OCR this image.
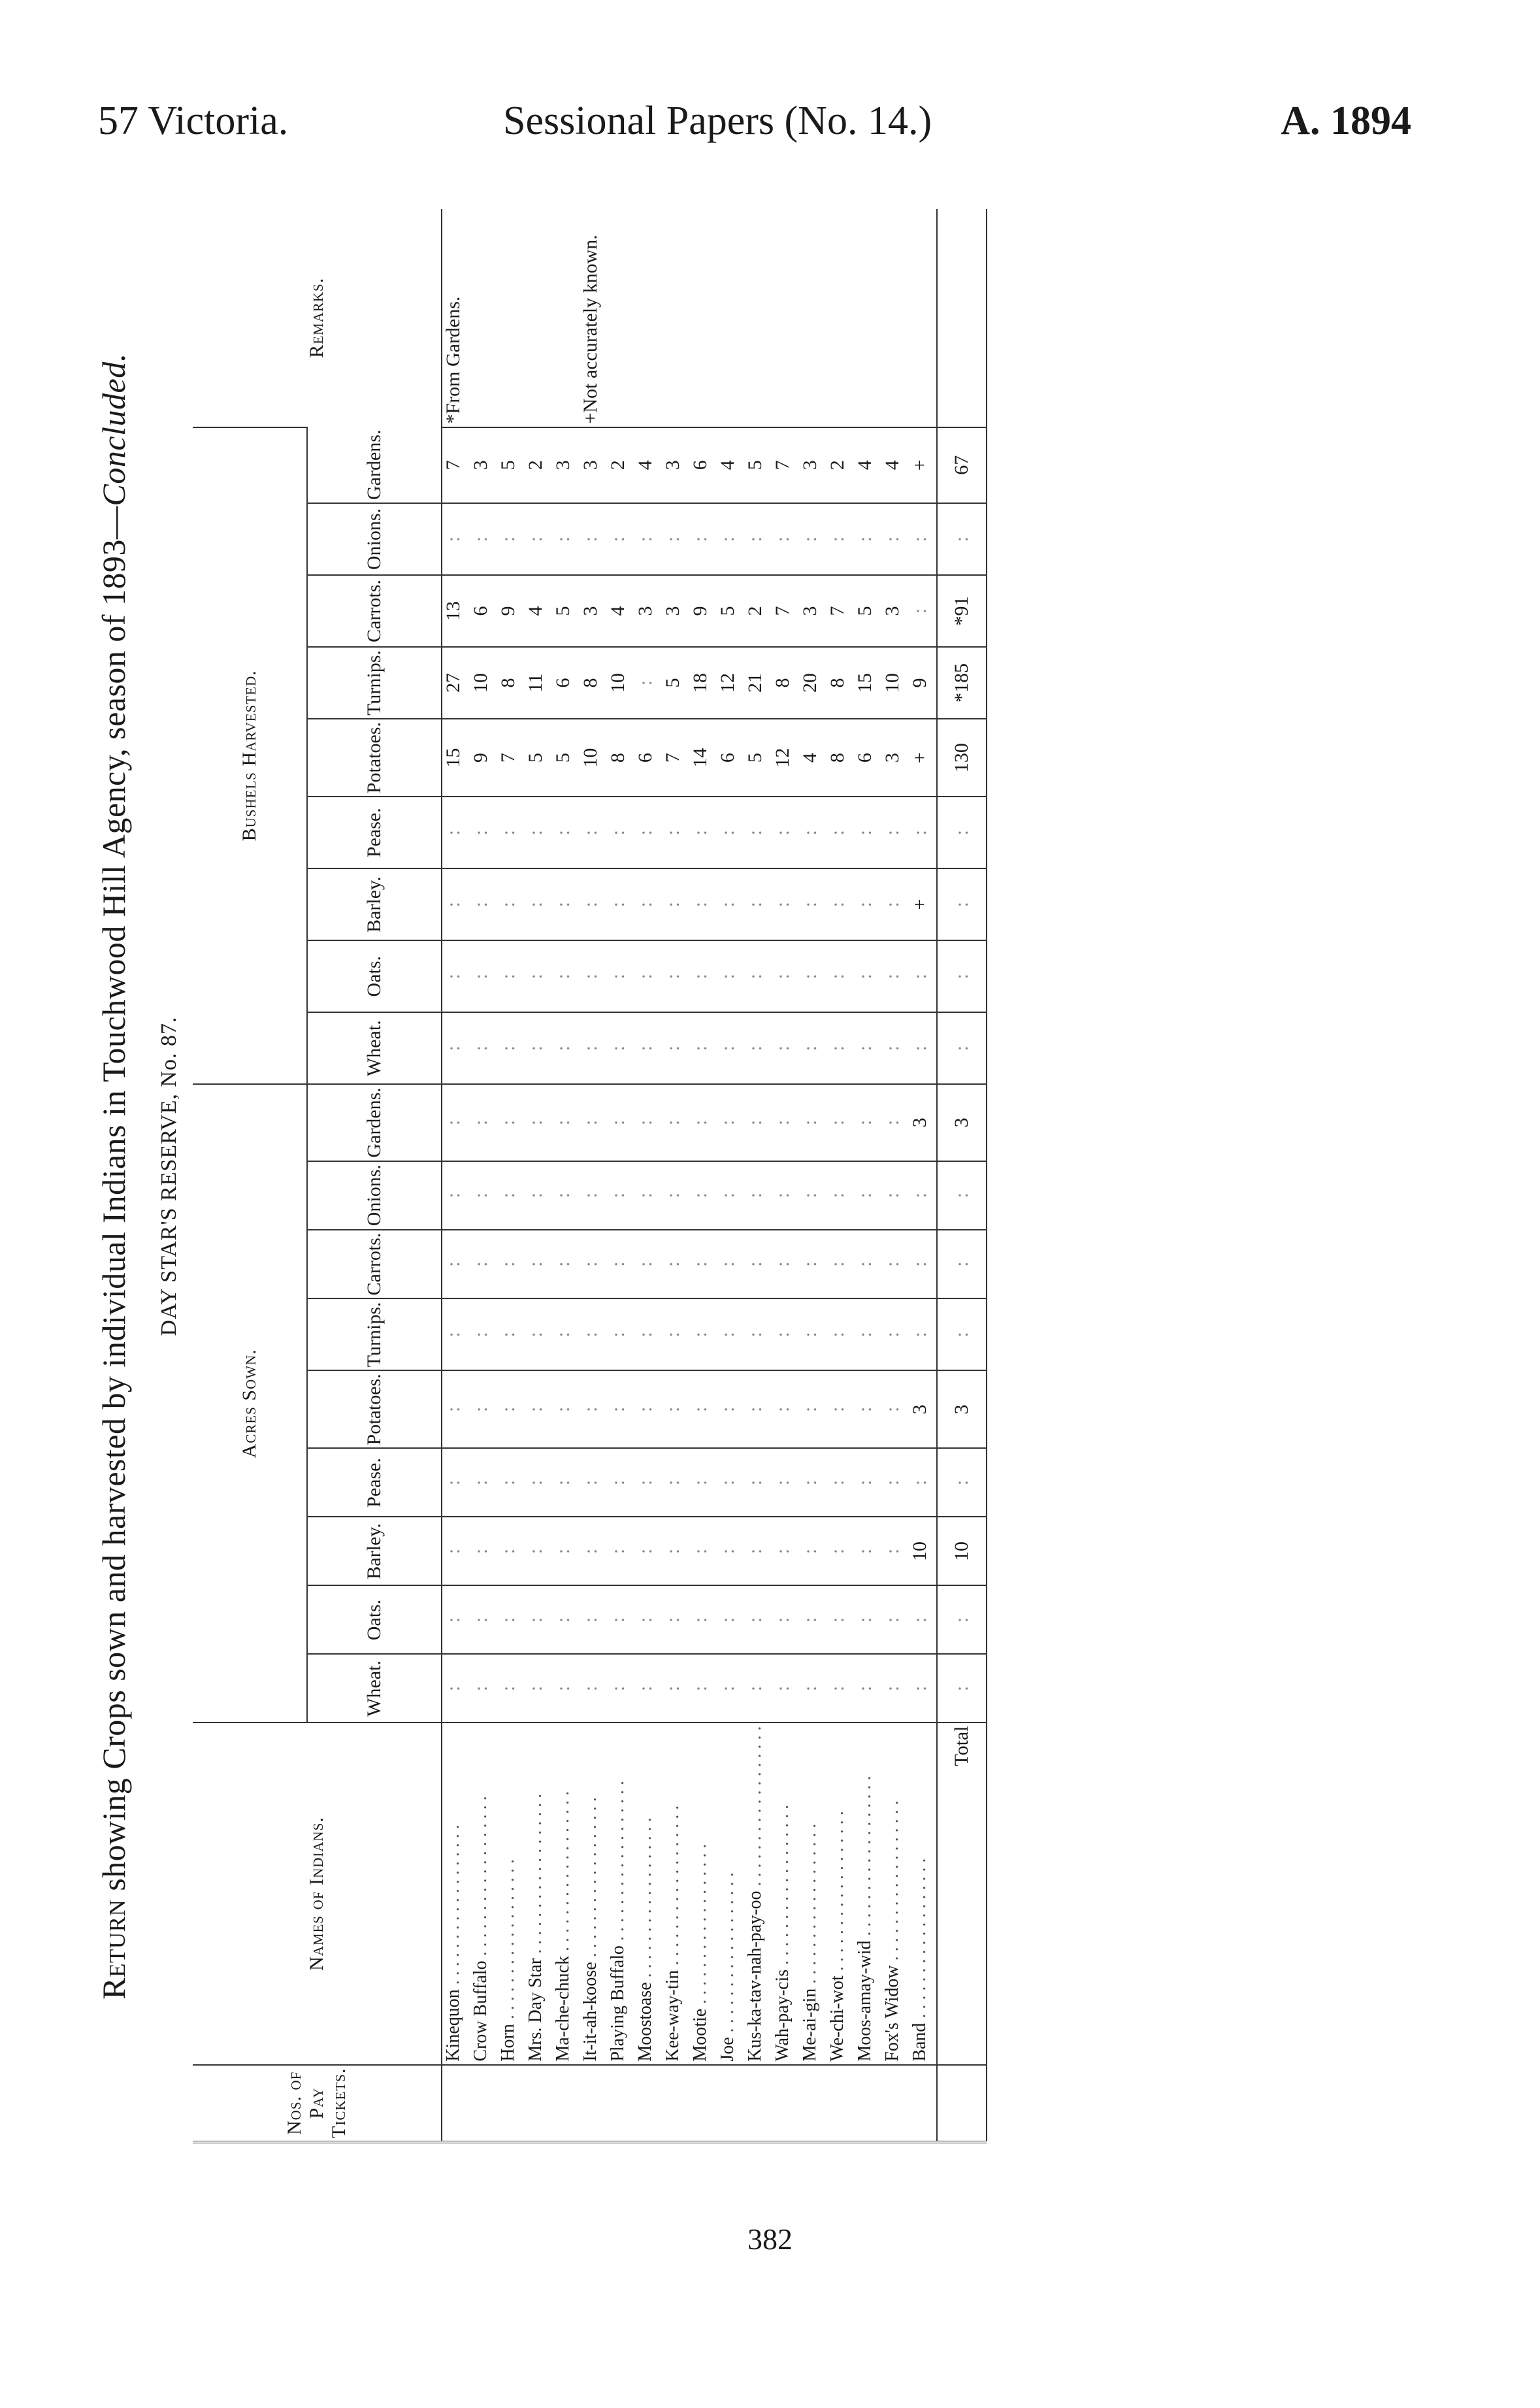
57 Victoria.	Sessional Papers (No. 14.)	A. 1894
Return showing Crops sown and harvested by individual Indians in Touchwood Hill Agency, season of 1893—Concluded.
DAY STAR'S RESERVE, No. 87.
Nos. of Pay Tickets.	Names of Indians.	Acres Sown.									Bushels Harvested.									Remarks.
		Wheat.	Oats.	Barley.	Pease.	Potatoes.	Turnips.	Carrots.	Onions.	Gardens.	Wheat.	Oats.	Barley.	Pease.	Potatoes.	Turnips.	Carrots.	Onions.	Gardens.	
	Kinequon . . .	:	:	:	:	:	:	:	:	:	:	:	:	:	15	27	13	:	7	*From Gardens.
	Crow Buffalo . . .	:	:	:	:	:	:	:	:	:	:	:	:	:	9	10	6	:	3	
	Horn . . .	:	:	:	:	:	:	:	:	:	:	:	:	:	7	8	9	:	5	
	Mrs. Day Star . . .	:	:	:	:	:	:	:	:	:	:	:	:	:	5	11	4	:	2	
	Ma-che-chuck . . .	:	:	:	:	:	:	:	:	:	:	:	:	:	5	6	5	:	3	
	It-it-ah-koose . . .	:	:	:	:	:	:	:	:	:	:	:	:	:	10	8	3	:	3	+Not accurately known.
	Playing Buffalo . . .	:	:	:	:	:	:	:	:	:	:	:	:	:	8	10	4	:	2	
	Moostoase . . .	:	:	:	:	:	:	:	:	:	:	:	:	:	6	:	3	:	4	
	Kee-way-tin . . .	:	:	:	:	:	:	:	:	:	:	:	:	:	7	5	3	:	3	
	Mootie . . .	:	:	:	:	:	:	:	:	:	:	:	:	:	14	18	9	:	6	
	Joe . . .	:	:	:	:	:	:	:	:	:	:	:	:	:	6	12	5	:	4	
	Kus-ka-tav-nah-pay-oo . . .	:	:	:	:	:	:	:	:	:	:	:	:	:	5	21	2	:	5	
	Wah-pay-cis . . .	:	:	:	:	:	:	:	:	:	:	:	:	:	12	8	7	:	7	
	Me-ai-gin . . .	:	:	:	:	:	:	:	:	:	:	:	:	:	4	20	3	:	3	
	We-chi-wot . . .	:	:	:	:	:	:	:	:	:	:	:	:	:	8	8	7	:	2	
	Moos-amay-wid . . .	:	:	:	:	:	:	:	:	:	:	:	:	:	6	15	5	:	4	
	Fox's Widow . . .	:	:	:	:	:	:	:	:	:	:	:	:	:	3	10	3	:	4	
	Band . . .	:	:	10	:	3	:	:	:	3	:	:	+	:	+	9	:	:	+	
	Total	:	:	10	:	3	:	:	:	3	:	:	:	:	130	*185	*91	:	67	
382
